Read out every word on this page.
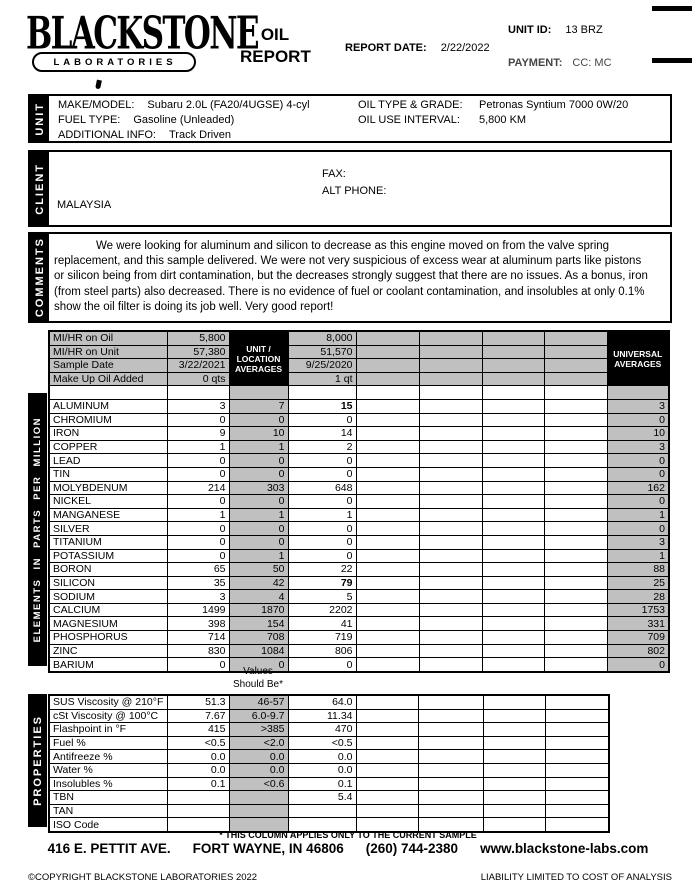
BLACKSTONE
LABORATORIES
OIL
REPORT	REPORT DATE: 2/22/2022
UNIT ID: 13 BRZ
PAYMENT: CC: MC
UNIT MAKE/MODEL: Subaru 2.0L (FA20/4UGSE) 4-cyl
FUEL TYPE: Gasoline (Unleaded)
ADDITIONAL INFO: Track Driven
OIL TYPE & GRADE: Petronas Syntium 7000 0W/20
OIL USE INTERVAL: 5,800 KM
CLIENT	FAX:
ALT PHONE:
MALAYSIA
COMMENTS	We were looking for aluminum and silicon to decrease as this engine moved on from the valve spring replacement, and this sample delivered. We were not very suspicious of excess wear at aluminum parts like pistons or silicon being from dirt contamination, but the decreases strongly suggest that there are no issues. As a bonus, iron (from steel parts) also decreased. There is no evidence of fuel or coolant contamination, and insolubles at only 0.1% show the oil filter is doing its job well. Very good report!
ELEMENTS IN PARTS PER MILLION
MI/HR on Oil	5,800	UNIT / LOCATION AVERAGES	8,000					UNIVERSAL AVERAGES
MI/HR on Unit	57,380		51,570					
Sample Date	3/22/2021		9/25/2020					
Make Up Oil Added	0 qts		1 qt					

ALUMINUM	3	7	15					3
CHROMIUM	0	0	0					0
IRON	9	10	14					10
COPPER	1	1	2					3
LEAD	0	0	0					0
TIN	0	0	0					0
MOLYBDENUM	214	303	648					162
NICKEL	0	0	0					0
MANGANESE	1	1	1					1
SILVER	0	0	0					0
TITANIUM	0	0	0					3
POTASSIUM	0	1	0					1
BORON	65	50	22					88
SILICON	35	42	79					25
SODIUM	3	4	5					28
CALCIUM	1499	1870	2202					1753
MAGNESIUM	398	154	41					331
PHOSPHORUS	714	708	719					709
ZINC	830	1084	806					802
BARIUM	0	0	0					0
Values
Should Be*
PROPERTIES
SUS Viscosity @ 210°F	51.3	46-57	64.0				
cSt Viscosity @ 100°C	7.67	6.0-9.7	11.34				
Flashpoint in °F	415	>385	470				
Fuel %	<0.5	<2.0	<0.5				
Antifreeze %	0.0	0.0	0.0				
Water %	0.0	0.0	0.0				
Insolubles %	0.1	<0.6	0.1				
TBN			5.4				
TAN							
ISO Code							
* THIS COLUMN APPLIES ONLY TO THE CURRENT SAMPLE
416 E. PETTIT AVE. FORT WAYNE, IN 46806 (260) 744-2380 www.blackstone-labs.com
©COPYRIGHT BLACKSTONE LABORATORIES 2022	LIABILITY LIMITED TO COST OF ANALYSIS
